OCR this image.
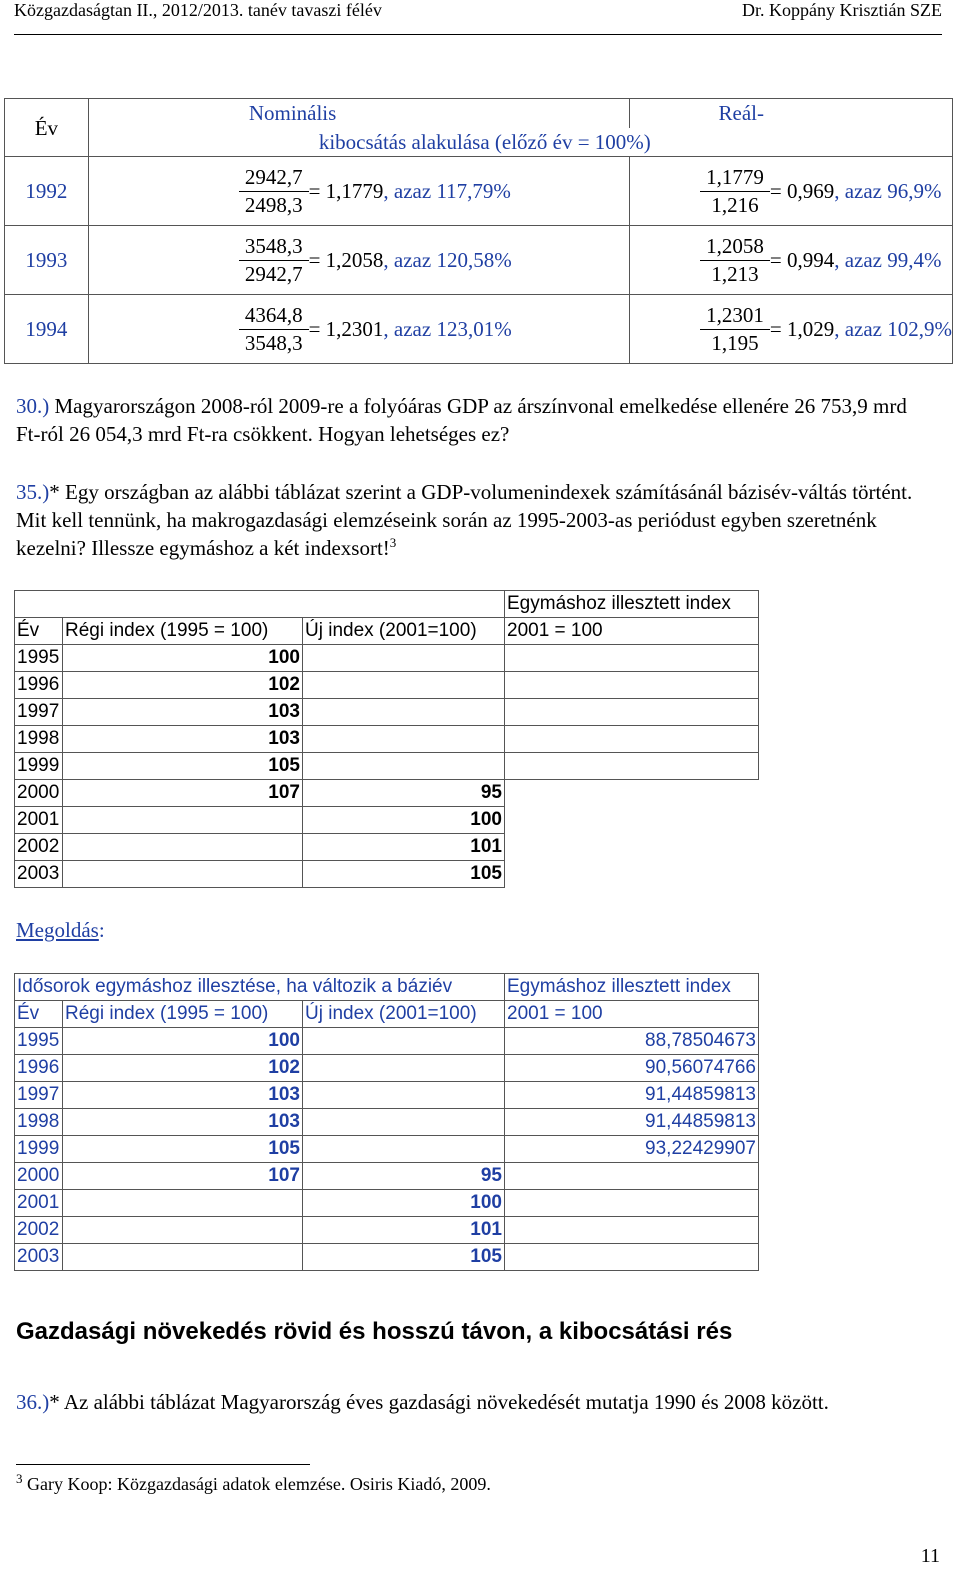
Közgazdaságtan II., 2012/2013. tanév tavaszi félév	Dr. Koppány Krisztián SZE
Év	Nominális	Reál-
	kibocsátás alakulása (előző év = 100%)	
1992	$\frac{2942,7}{2498,3} = 1,1779$, azaz 117,79%	$\frac{1,1779}{1,216} = 0,969$, azaz 96,9%
1993	$\frac{3548,3}{2942,7} = 1,2058$, azaz 120,58%	$\frac{1,2058}{1,213} = 0,994$, azaz 99,4%
1994	$\frac{4364,8}{3548,3} = 1,2301$, azaz 123,01%	$\frac{1,2301}{1,195} = 1,029$, azaz 102,9%
30.) Magyarországon 2008-ról 2009-re a folyóáras GDP az árszínvonal emelkedése ellenére 26 753,9 mrd Ft-ról 26 054,3 mrd Ft-ra csökkent. Hogyan lehetséges ez?
35.)* Egy országban az alábbi táblázat szerint a GDP-volumenindexek számításánál bázisév-váltás történt. Mit kell tennünk, ha makrogazdasági elemzéseink során az 1995-2003-as periódust egyben szeretnénk kezelni? Illessze egymáshoz a két indexsort!$^3$
			Egymáshoz illesztett index
Év	Régi index (1995 = 100)	Új index (2001=100)	2001 = 100
1995	100		
1996	102		
1997	103		
1998	103		
1999	105		
2000	107	95	
2001		100	
2002		101	
2003		105	
Megoldás:
Idősorok egymáshoz illesztése, ha változik a báziév			Egymáshoz illesztett index
Év	Régi index (1995 = 100)	Új index (2001=100)	2001 = 100
1995	100		88,78504673
1996	102		90,56074766
1997	103		91,44859813
1998	103		91,44859813
1999	105		93,22429907
2000	107	95	
2001		100	
2002		101	
2003		105	
Gazdasági növekedés rövid és hosszú távon, a kibocsátási rés
36.)* Az alábbi táblázat Magyarország éves gazdasági növekedését mutatja 1990 és 2008 között.
$^3$ Gary Koop: Közgazdasági adatok elemzése. Osiris Kiadó, 2009.
11
